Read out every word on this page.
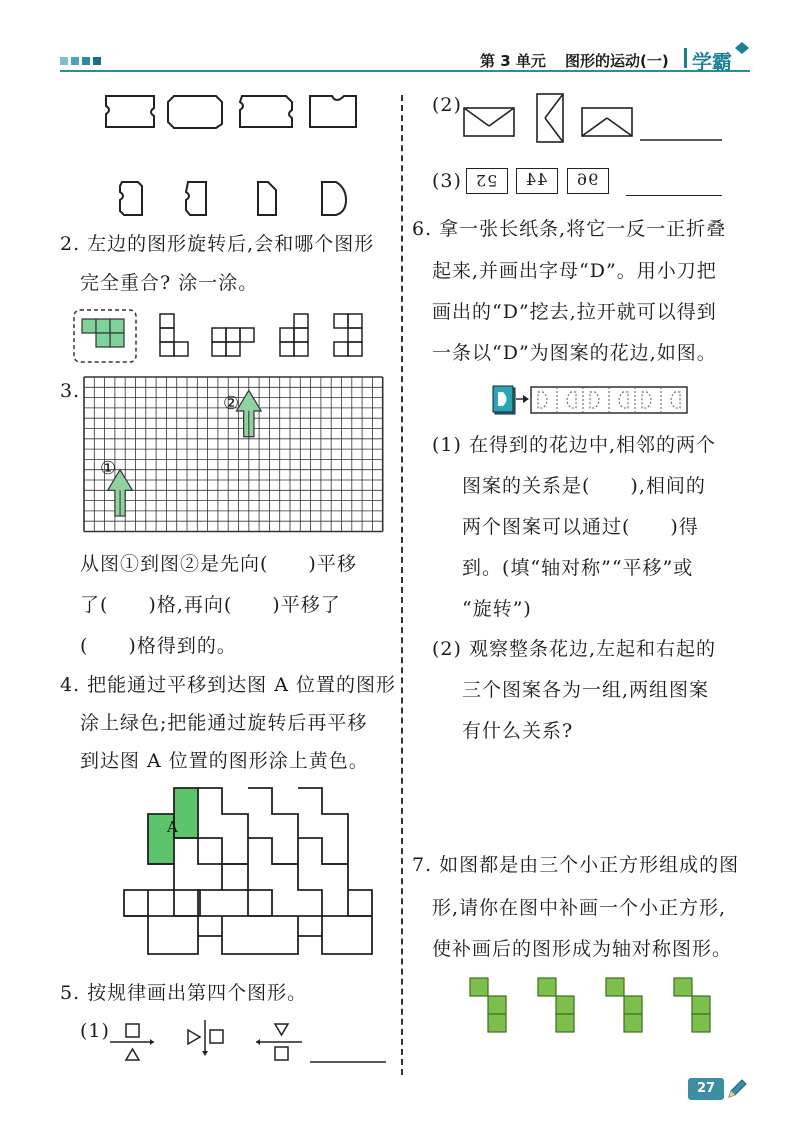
第 3 单元 图形的运动(一) 学霸
2. 左边的图形旋转后,会和哪个图形
完全重合? 涂一涂。
3.
①
②
从图①到图②是先向(　　)平移
了(　　)格,再向(　　)平移了
(　　)格得到的。
4. 把能通过平移到达图 A 位置的图形
涂上绿色;把能通过旋转后再平移
到达图 A 位置的图形涂上黄色。
A
5. 按规律画出第四个图形。
(1)
(2)
(3) 52 44 96
6. 拿一张长纸条,将它一反一正折叠
起来,并画出字母“D”。用小刀把
画出的“D”挖去,拉开就可以得到
一条以“D”为图案的花边,如图。
(1) 在得到的花边中,相邻的两个
图案的关系是(　　),相间的
两个图案可以通过(　　)得
到。(填“轴对称”“平移”或
“旋转”)
(2) 观察整条花边,左起和右起的
三个图案各为一组,两组图案
有什么关系?
7. 如图都是由三个小正方形组成的图
形,请你在图中补画一个小正方形,
使补画后的图形成为轴对称图形。
27
